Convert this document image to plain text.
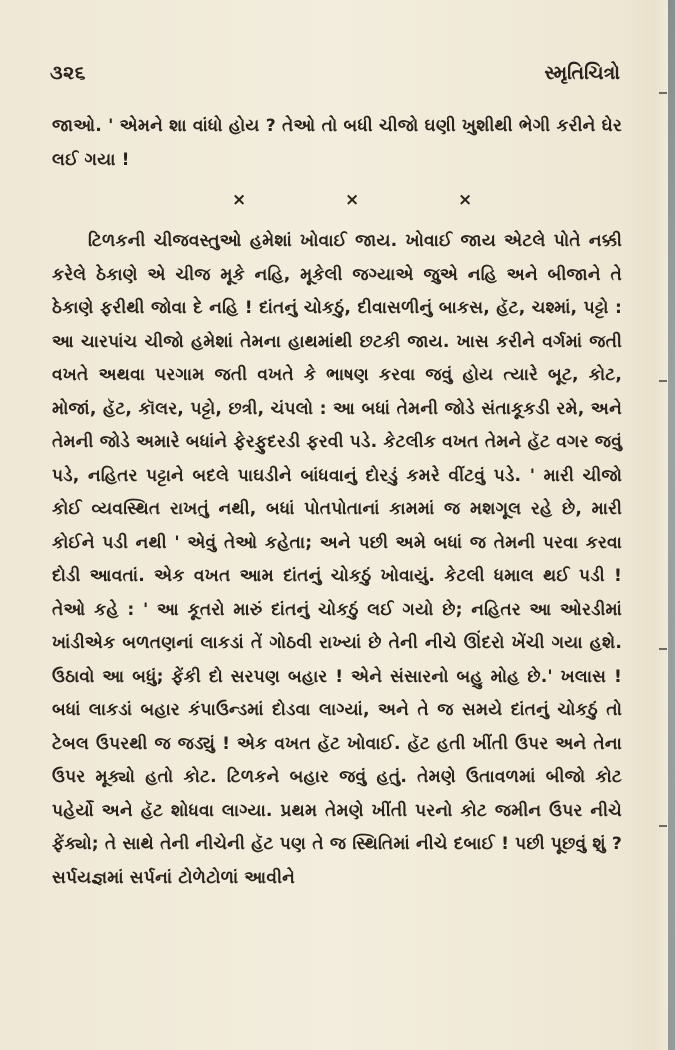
૩૨૬	સ્મૃતિચિત્રો
જાઓ. ' એમને શા વાંધો હોય ? તેઓ તો બધી ચીજો ઘણી ખુશીથી ભેગી કરીને ઘેર લઈ ગયા !
×	×	×
ટિળકની ચીજવસ્તુઓ હમેશાં ખોવાઈ જાય. ખોવાઈ જાય એટલે પોતે નક્કી કરેલે ઠેકાણે એ ચીજ મૂકે નહિ, મૂકેલી જગ્યાએ જુએ નહિ અને બીજાને તે ઠેકાણે ફરીથી જોવા દે નહિ ! દાંતનું ચોકઠું, દીવાસળીનું બાકસ, હૅટ, ચશ્માં, પટ્ટો : આ ચારપાંચ ચીજો હમેશાં તેમના હાથમાંથી છટકી જાય. ખાસ કરીને વર્ગમાં જતી વખતે અથવા પરગામ જતી વખતે કે ભાષણ કરવા જવું હોય ત્યારે બૂટ, કોટ, મોજાં, હૅટ, કૉલર, પટ્ટો, છત્રી, ચંપલો : આ બધાં તેમની જોડે સંતાકૂકડી રમે, અને તેમની જોડે અમારે બધાંને ફેરફુદરડી ફરવી પડે. કેટલીક વખત તેમને હૅટ વગર જવું પડે, નહિતર પટ્ટાને બદલે પાઘડીને બાંધવાનું દોરડું કમરે વીંટવું પડે. ' મારી ચીજો કોઈ વ્યવસ્થિત રાખતું નથી, બધાં પોતપોતાનાં કામમાં જ મશગૂલ રહે છે, મારી કોઈને પડી નથી ' એવું તેઓ કહેતા; અને પછી અમે બધાં જ તેમની પરવા કરવા દોડી આવતાં. એક વખત આમ દાંતનું ચોકઠું ખોવાયું. કેટલી ધમાલ થઈ પડી ! તેઓ કહે : ' આ કૂતરો મારું દાંતનું ચોકઠું લઈ ગયો છે; નહિતર આ ઓરડીમાં ખાંડીએક બળતણનાં લાકડાં તેં ગોઠવી રાખ્યાં છે તેની નીચે ઊંદરો ખેંચી ગયા હશે. ઉઠાવો આ બધું; ફેંકી દો સરપણ બહાર ! એને સંસારનો બહુ મોહ છે.' ખલાસ ! બધાં લાકડાં બહાર કંપાઉન્ડમાં દોડવા લાગ્યાં, અને તે જ સમયે દાંતનું ચોકઠું તો ટેબલ ઉપરથી જ જડ્યું ! એક વખત હૅટ ખોવાઈ. હૅટ હતી ખીંતી ઉપર અને તેના ઉપર મૂક્યો હતો કોટ. ટિળકને બહાર જવું હતું. તેમણે ઉતાવળમાં બીજો કોટ પહેર્યો અને હૅટ શોધવા લાગ્યા. પ્રથમ તેમણે ખીંતી પરનો કોટ જમીન ઉપર નીચે ફેંક્યો; તે સાથે તેની નીચેની હૅટ પણ તે જ સ્થિતિમાં નીચે દબાઈ ! પછી પૂછવું શું ? સર્પયજ્ઞમાં સર્પનાં ટોળેટોળાં આવીને
